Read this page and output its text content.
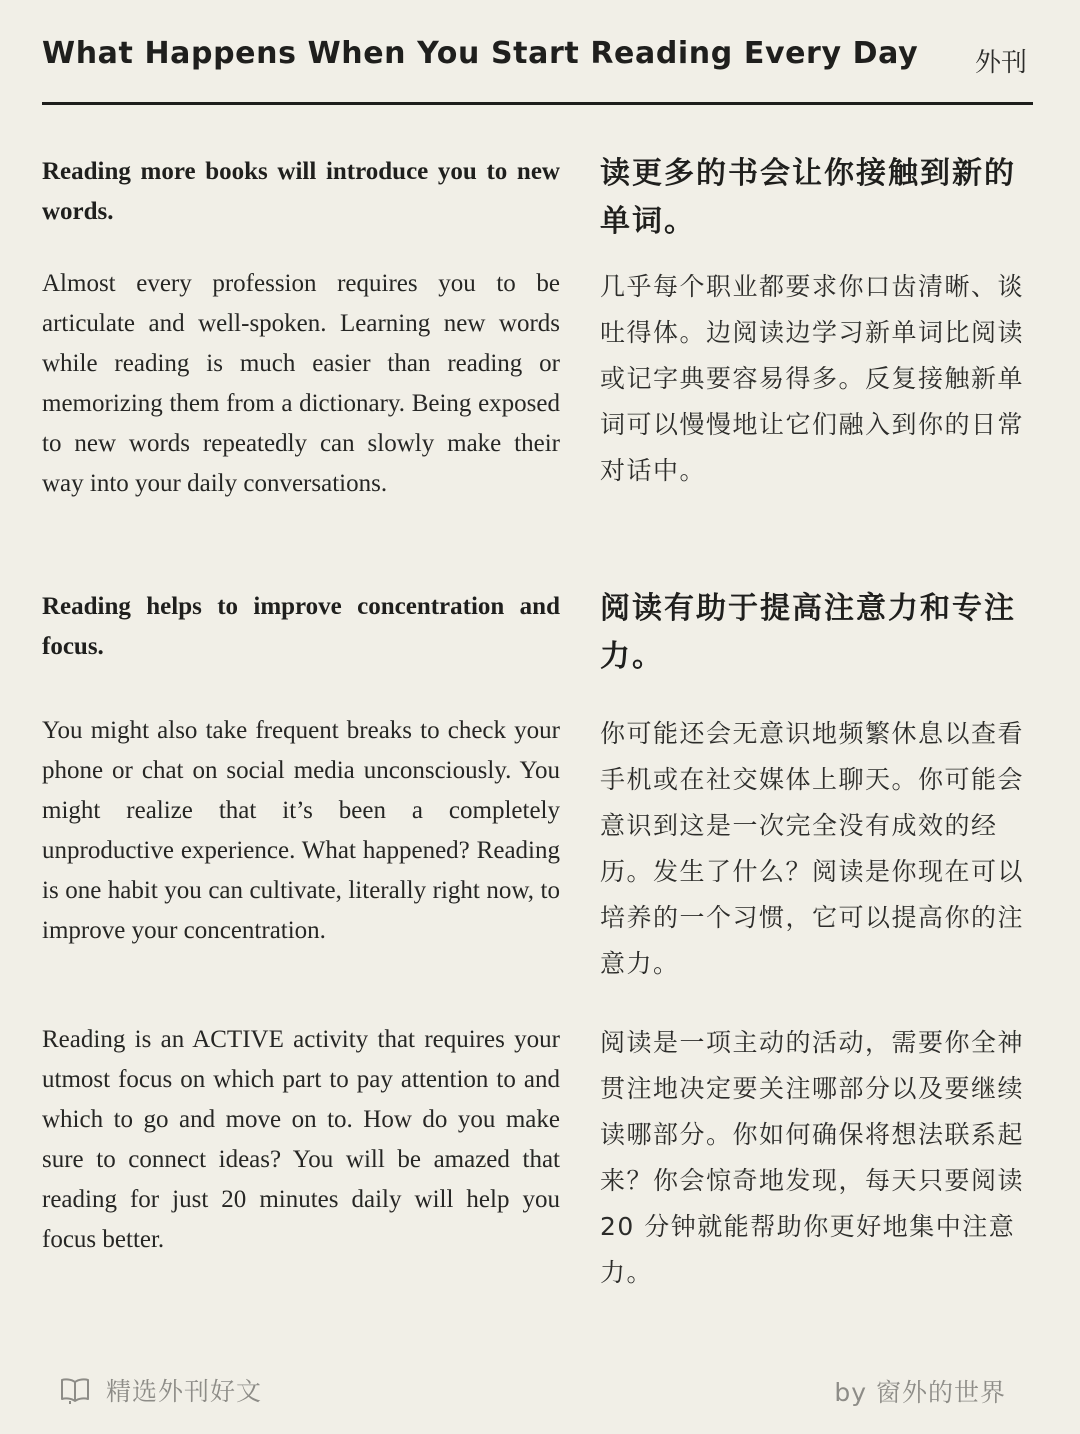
What Happens When You Start Reading Every Day 外刊
Reading more books will introduce you to new words.
读更多的书会让你接触到新的单词。
Almost every profession requires you to be articulate and well-spoken. Learning new words while reading is much easier than reading or memorizing them from a dictionary. Being exposed to new words repeatedly can slowly make their way into your daily conversations.
几乎每个职业都要求你口齿清晰、谈吐得体。边阅读边学习新单词比阅读或记字典要容易得多。反复接触新单词可以慢慢地让它们融入到你的日常对话中。
Reading helps to improve concentration and focus.
阅读有助于提高注意力和专注力。
You might also take frequent breaks to check your phone or chat on social media unconsciously. You might realize that it’s been a completely unproductive experience. What happened? Reading is one habit you can cultivate, literally right now, to improve your concentration.
你可能还会无意识地频繁休息以查看手机或在社交媒体上聊天。你可能会意识到这是一次完全没有成效的经历。发生了什么？阅读是你现在可以培养的一个习惯，它可以提高你的注意力。
Reading is an ACTIVE activity that requires your utmost focus on which part to pay attention to and which to go and move on to. How do you make sure to connect ideas? You will be amazed that reading for just 20 minutes daily will help you focus better.
阅读是一项主动的活动，需要你全神贯注地决定要关注哪部分以及要继续读哪部分。你如何确保将想法联系起来？你会惊奇地发现，每天只要阅读 20 分钟就能帮助你更好地集中注意力。
精选外刊好文	by 窗外的世界
